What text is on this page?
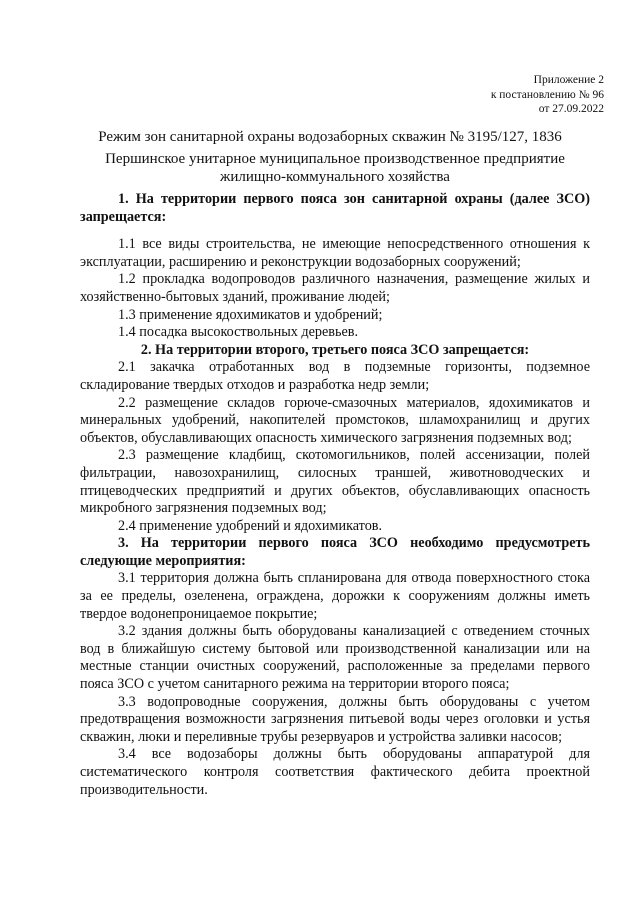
Приложение 2
к постановлению № 96
от 27.09.2022
Режим зон санитарной охраны водозаборных скважин № 3195/127, 1836
Першинское унитарное муниципальное производственное предприятие жилищно-коммунального хозяйства

1. На территории первого пояса зон санитарной охраны (далее ЗСО) запрещается:

1.1 все виды строительства, не имеющие непосредственного отношения к эксплуатации, расширению и реконструкции водозаборных сооружений;

1.2 прокладка водопроводов различного назначения, размещение жилых и хозяйственно-бытовых зданий, проживание людей;

1.3 применение ядохимикатов и удобрений;

1.4 посадка высокоствольных деревьев.

2. На территории второго, третьего пояса ЗСО запрещается:

2.1 закачка отработанных вод в подземные горизонты, подземное складирование твердых отходов и разработка недр земли;

2.2 размещение складов горюче-смазочных материалов, ядохимикатов и минеральных удобрений, накопителей промстоков, шламохранилищ и других объектов, обуславливающих опасность химического загрязнения подземных вод;

2.3 размещение кладбищ, скотомогильников, полей ассенизации, полей фильтрации, навозохранилищ, силосных траншей, животноводческих и птицеводческих предприятий и других объектов, обуславливающих опасность микробного загрязнения подземных вод;

2.4 применение удобрений и ядохимикатов.

3. На территории первого пояса ЗСО необходимо предусмотреть следующие мероприятия:

3.1 территория должна быть спланирована для отвода поверхностного стока за ее пределы, озеленена, ограждена, дорожки к сооружениям должны иметь твердое водонепроницаемое покрытие;

3.2 здания должны быть оборудованы канализацией с отведением сточных вод в ближайшую систему бытовой или производственной канализации или на местные станции очистных сооружений, расположенные за пределами первого пояса ЗСО с учетом санитарного режима на территории второго пояса;

3.3 водопроводные сооружения, должны быть оборудованы с учетом предотвращения возможности загрязнения питьевой воды через оголовки и устья скважин, люки и переливные трубы резервуаров и устройства заливки насосов;

3.4 все водозаборы должны быть оборудованы аппаратурой для систематического контроля соответствия фактического дебита проектной производительности.
